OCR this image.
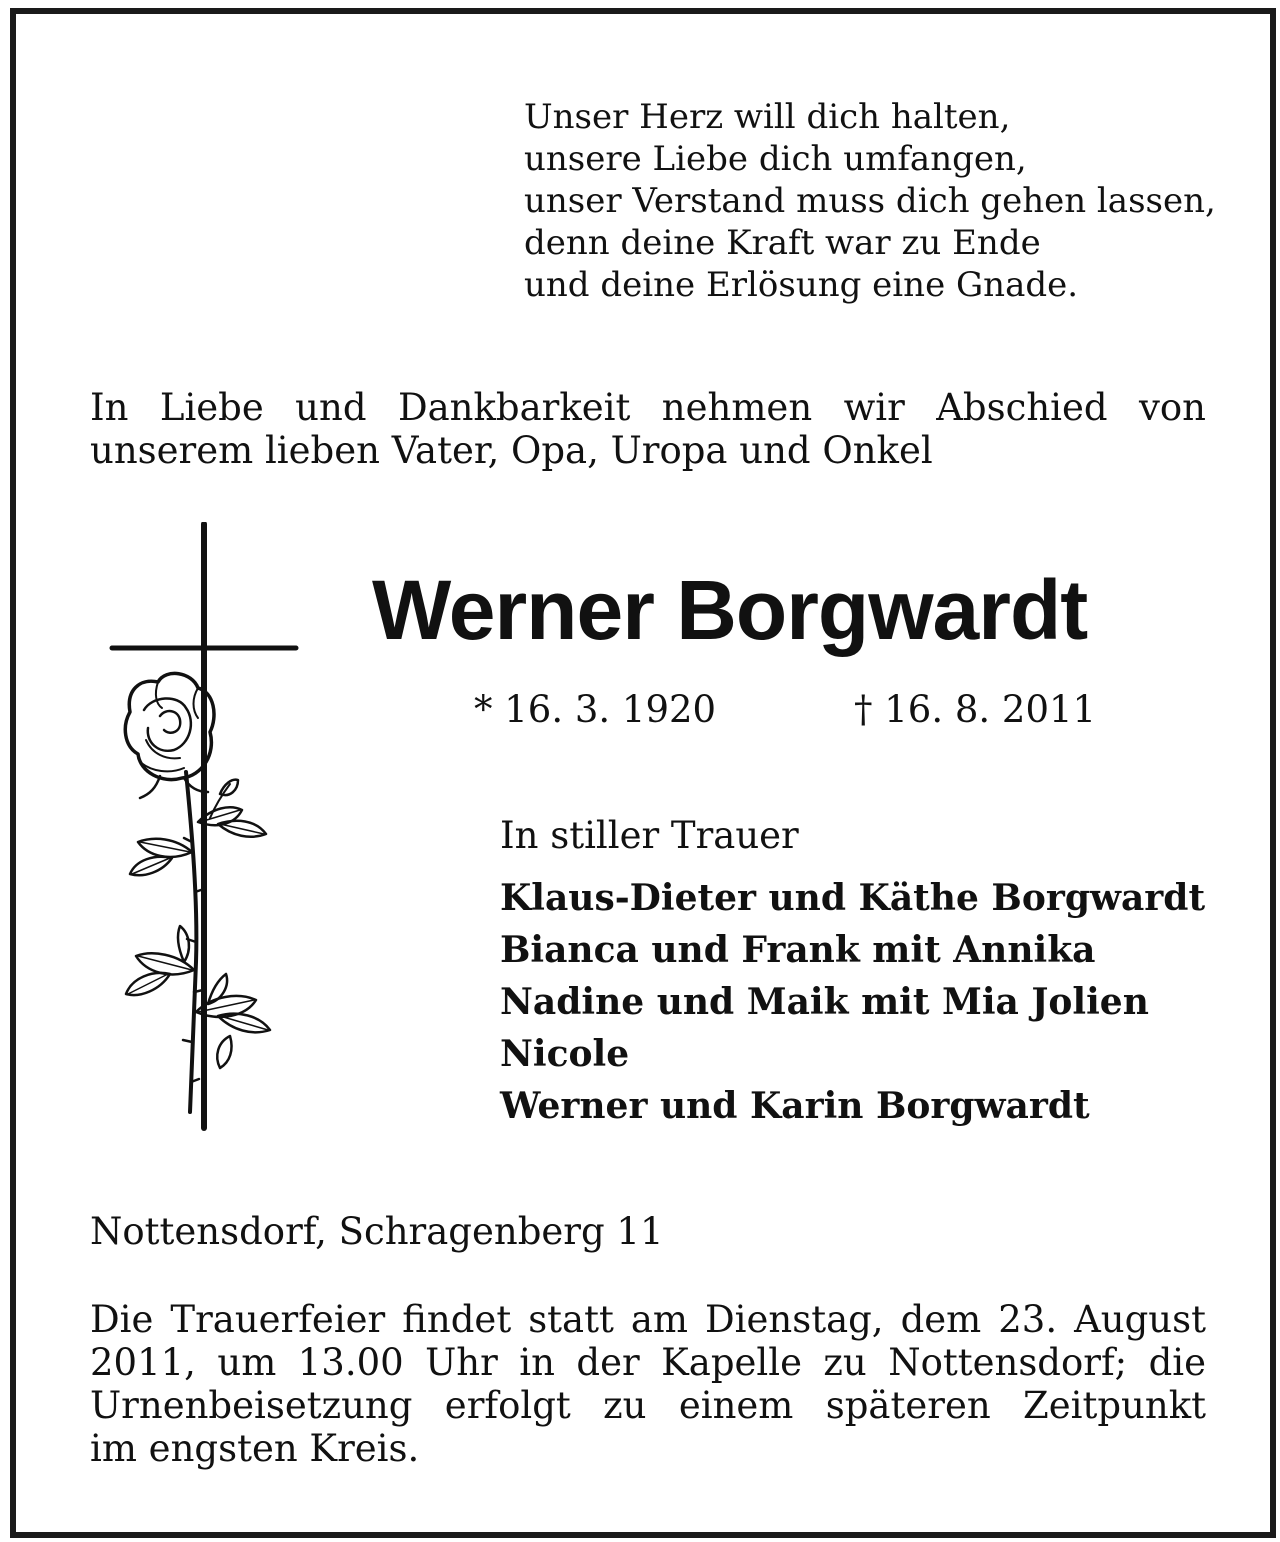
Unser Herz will dich halten,
unsere Liebe dich umfangen,
unser Verstand muss dich gehen lassen,
denn deine Kraft war zu Ende
und deine Erlösung eine Gnade.
In Liebe und Dankbarkeit nehmen wir Abschied von
unserem lieben Vater, Opa, Uropa und Onkel
Werner Borgwardt
* 16. 3. 1920	† 16. 8. 2011
In stiller Trauer
Klaus-Dieter und Käthe Borgwardt
Bianca und Frank mit Annika
Nadine und Maik mit Mia Jolien
Nicole
Werner und Karin Borgwardt
Nottensdorf, Schragenberg 11
Die Trauerfeier findet statt am Dienstag, dem 23. August
2011, um 13.00 Uhr in der Kapelle zu Nottensdorf; die
Urnenbeisetzung erfolgt zu einem späteren Zeitpunkt
im engsten Kreis.
